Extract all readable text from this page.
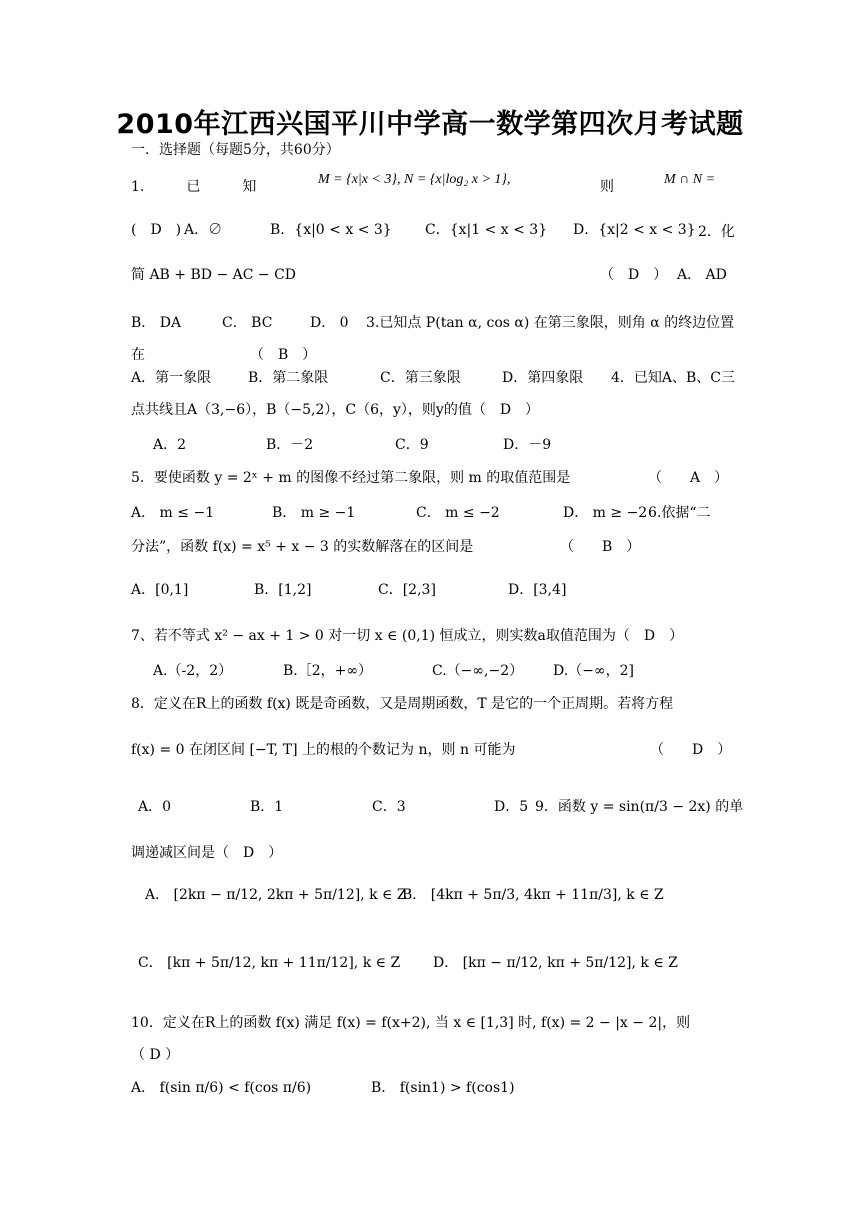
2010年江西兴国平川中学高一数学第四次月考试题
一．选择题（每题5分，共60分）
1.　　　已　　　知	M = {x|x < 3}, N = {x|log₂ x > 1},	则	M ∩ N =
(　D　) A．∅	B．{x|0 < x < 3} C．{x|1 < x < 3} D．{x|2 < x < 3} 2．化
简 AB + BD − AC − CD	（　D　） A． AD
B． DA	C． BC	D． 0 3.已知点 P(tan α, cos α) 在第三象限，则角 α 的终边位置
在	（　B　）
A．第一象限	B．第二象限	C．第三象限	D．第四象限 4．已知A、B、C三
点共线且A（3,−6），B（−5,2），C（6，y），则y的值（　D　）
A．2	B．－2	C．9	D．－9
5．要使函数 y = 2ˣ + m 的图像不经过第二象限，则 m 的取值范围是	（　　A　）
A． m ≤ −1	B． m ≥ −1	C． m ≤ −2	D． m ≥ −2 6.依据“二
分法”，函数 f(x) = x⁵ + x − 3 的实数解落在的区间是	（　　B　）
A．[0,1]	B．[1,2]	C．[2,3]	D．[3,4]
7、若不等式 x² − ax + 1 > 0 对一切 x ∈ (0,1) 恒成立，则实数a取值范围为（　D　）
A.（-2，2）	B.［2，+∞）	C.（−∞,−2） D.（−∞，2]
8．定义在R上的函数 f(x) 既是奇函数，又是周期函数，T 是它的一个正周期。若将方程
f(x) = 0 在闭区间 [−T, T] 上的根的个数记为 n，则 n 可能为	（　　D　）
A．0	B．1	C．3	D．5 9．函数 y = sin(π/3 − 2x) 的单
调递减区间是（　D　）
A． [2kπ − π/12, 2kπ + 5π/12], k ∈ Z
B． [4kπ + 5π/3, 4kπ + 11π/3], k ∈ Z
C． [kπ + 5π/12, kπ + 11π/12], k ∈ Z D． [kπ − π/12, kπ + 5π/12], k ∈ Z
10．定义在R上的函数 f(x) 满足 f(x) = f(x+2), 当 x ∈ [1,3] 时, f(x) = 2 − |x − 2|，则
（ D ）
A． f(sin π/6) < f(cos π/6)	B． f(sin1) > f(cos1)
